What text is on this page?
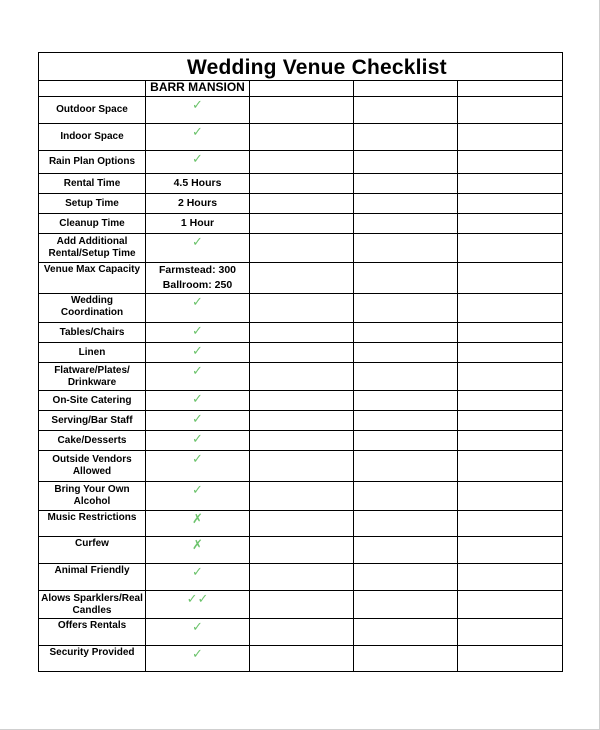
Wedding Venue Checklist				
	BARR MANSION			
Outdoor Space	✓			
Indoor Space	✓			
Rain Plan Options	✓			
Rental Time	4.5 Hours			
Setup Time	2 Hours			
Cleanup Time	1 Hour			
Add Additional Rental/Setup Time	✓			
Venue Max Capacity	Farmstead: 300 Ballroom: 250			
Wedding Coordination	✓			
Tables/Chairs	✓			
Linen	✓			
Flatware/Plates/ Drinkware	✓			
On-Site Catering	✓			
Serving/Bar Staff	✓			
Cake/Desserts	✓			
Outside Vendors Allowed	✓			
Bring Your Own Alcohol	✓			
Music Restrictions	✗			
Curfew	✗			
Animal Friendly	✓			
Alows Sparklers/Real Candles	✓✓			
Offers Rentals	✓			
Security Provided	✓			
